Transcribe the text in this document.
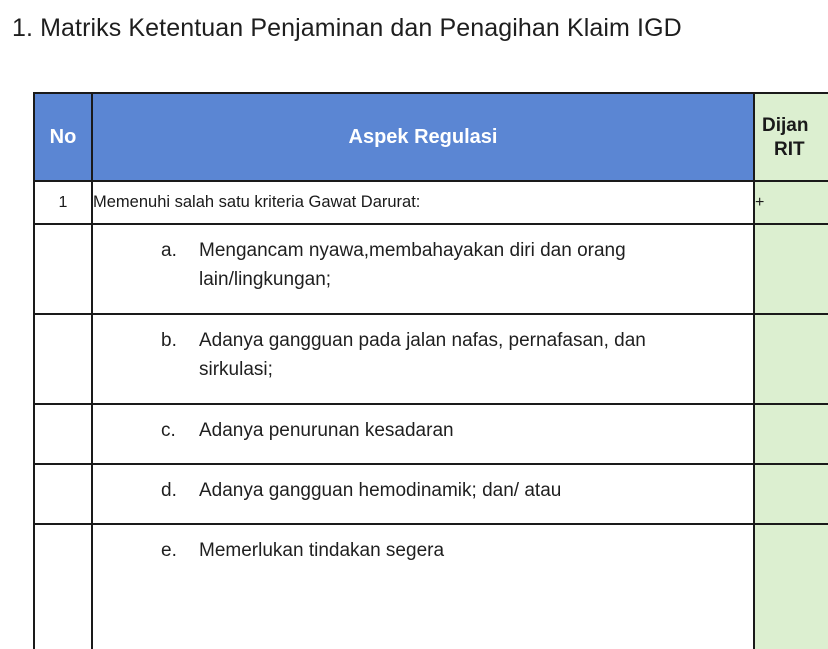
1. Matriks Ketentuan Penjaminan dan Penagihan Klaim IGD
No	Aspek Regulasi	Dijan
RIT
1	Memenuhi salah satu kriteria Gawat Darurat:	+

	a. Mengancam nyawa,membahayakan diri dan orang lain/lingkungan;	

	b. Adanya gangguan pada jalan nafas, pernafasan, dan sirkulasi;	

	c. Adanya penurunan kesadaran	

	d. Adanya gangguan hemodinamik; dan/ atau	

	e. Memerlukan tindakan segera	
